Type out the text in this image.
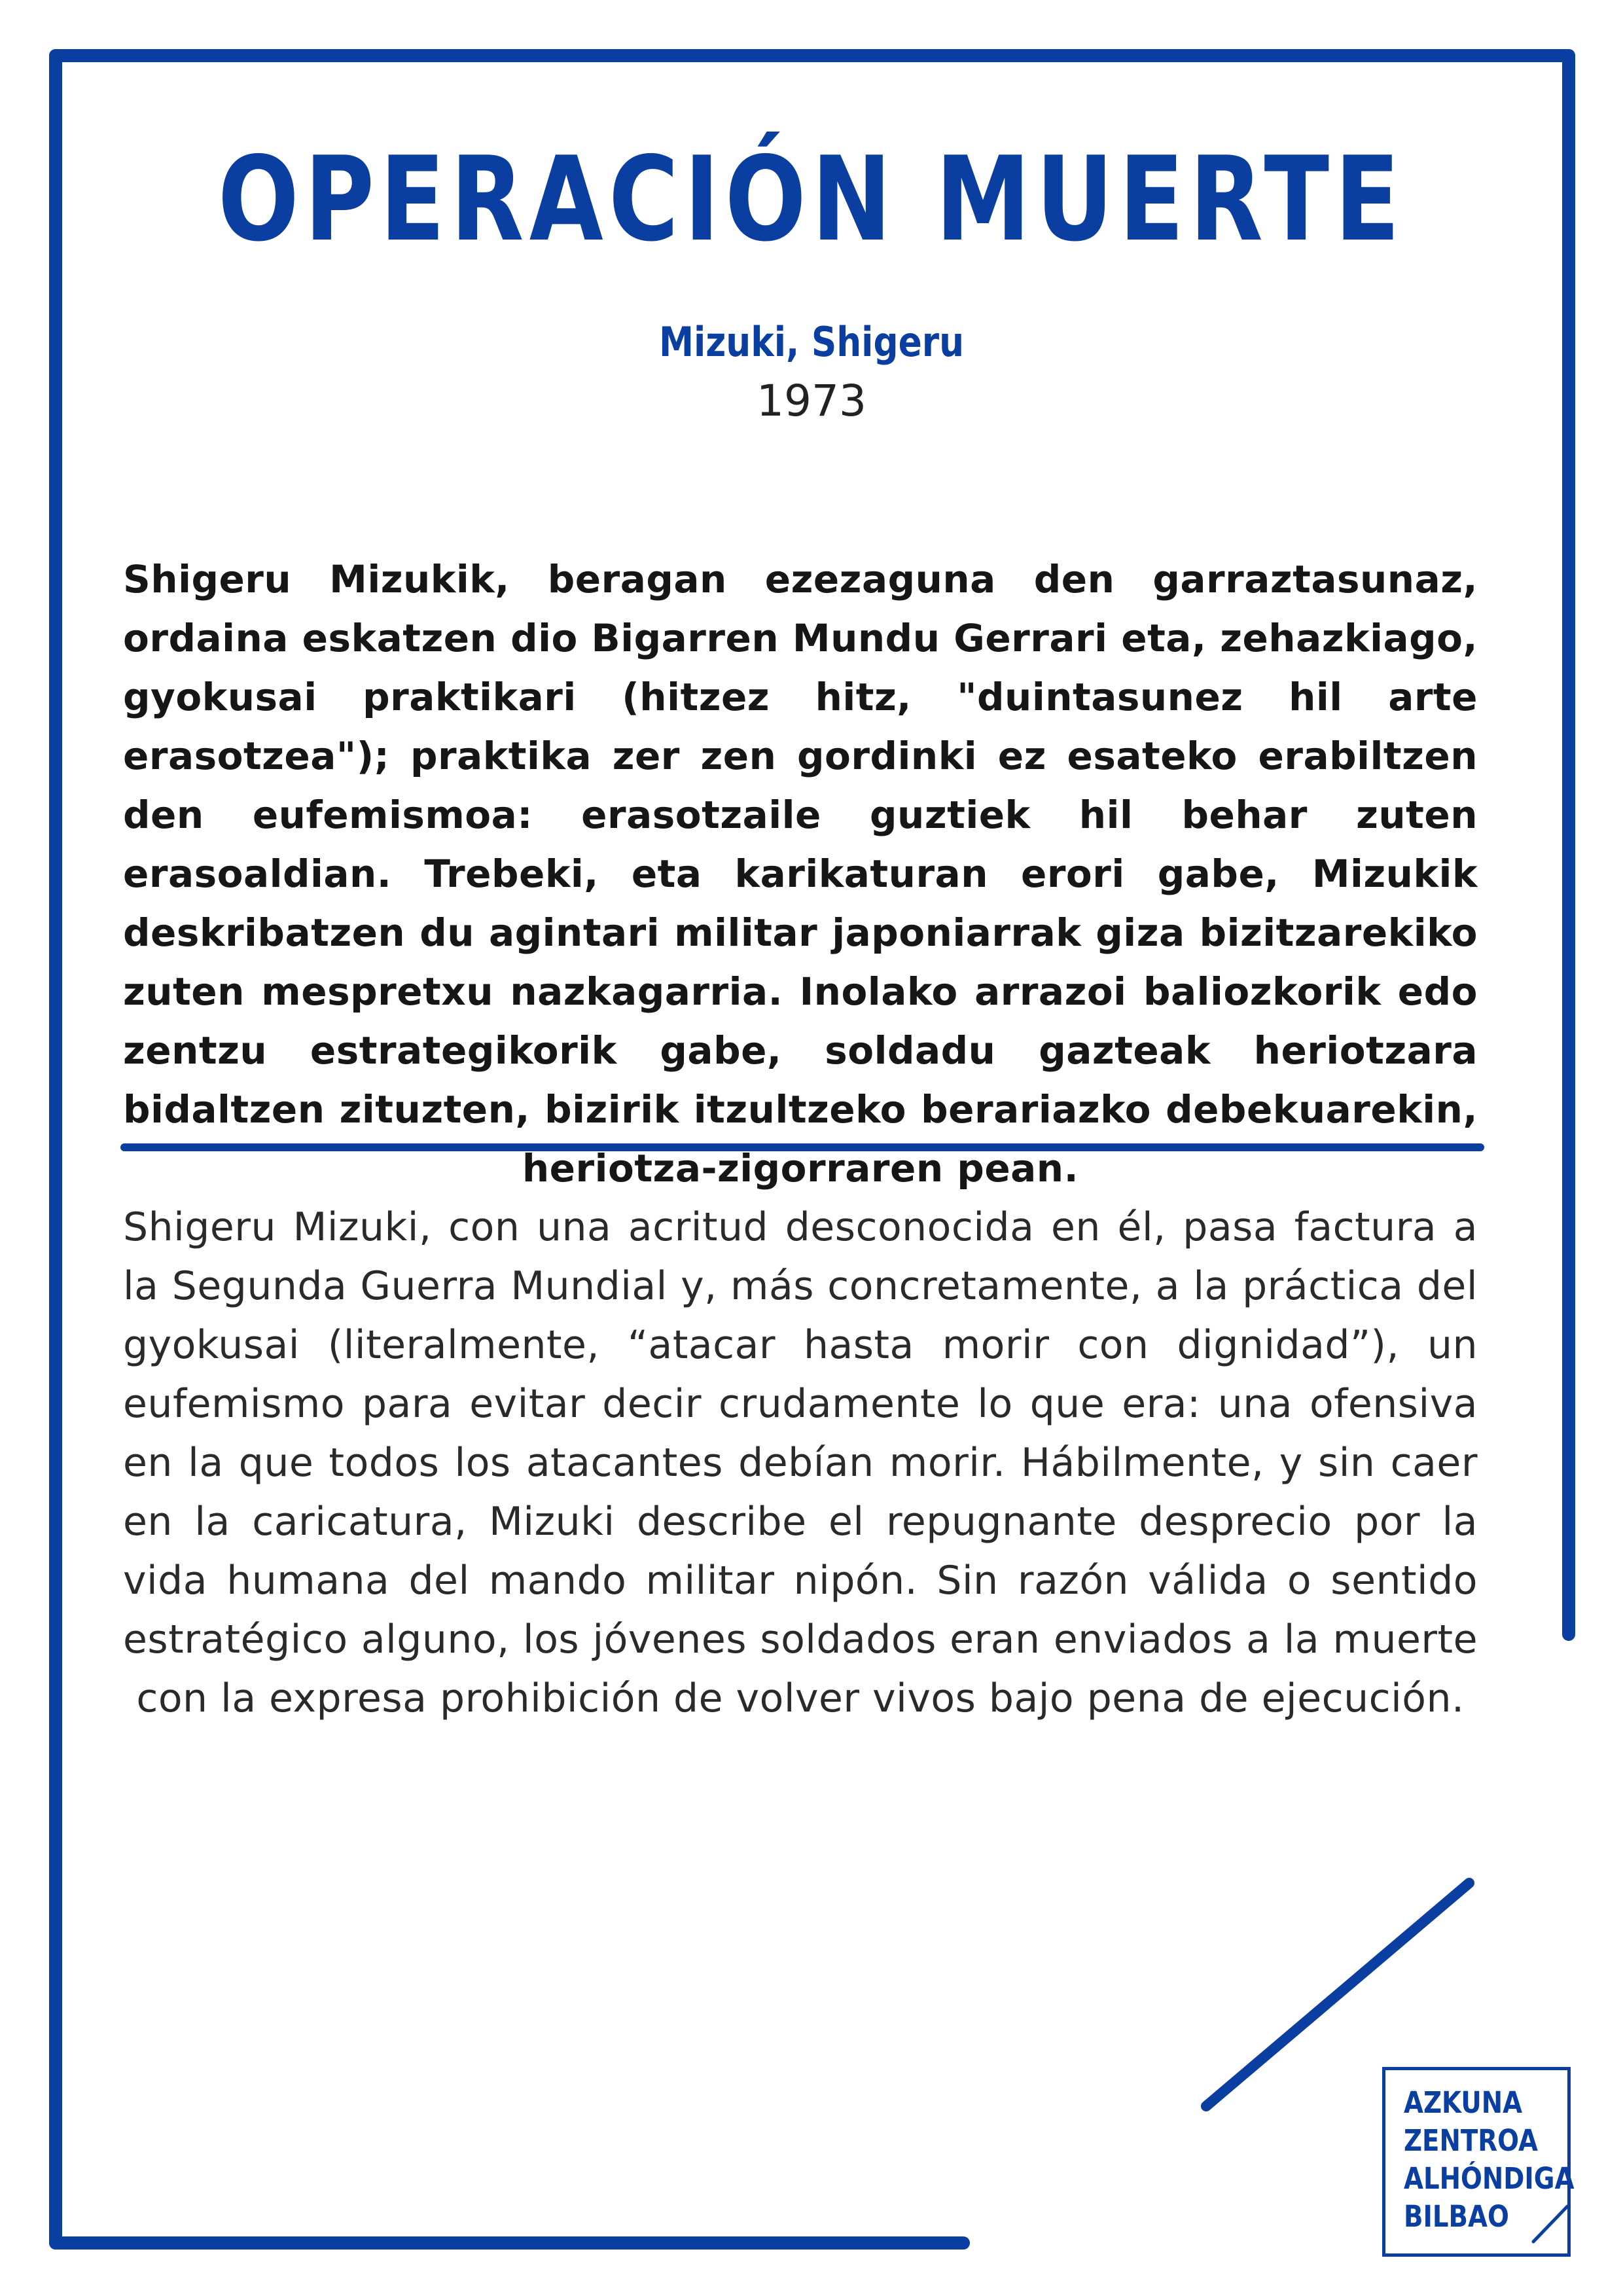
OPERACIÓN MUERTE
Mizuki, Shigeru
1973
Shigeru Mizukik, beragan ezezaguna den garraztasunaz, ordaina eskatzen dio Bigarren Mundu Gerrari eta, zehazkiago, gyokusai praktikari (hitzez hitz, "duintasunez hil arte erasotzea"); praktika zer zen gordinki ez esateko erabiltzen den eufemismoa: erasotzaile guztiek hil behar zuten erasoaldian. Trebeki, eta karikaturan erori gabe, Mizukik deskribatzen du agintari militar japoniarrak giza bizitzarekiko zuten mespretxu nazkagarria. Inolako arrazoi baliozkorik edo zentzu estrategikorik gabe, soldadu gazteak heriotzara bidaltzen zituzten, bizirik itzultzeko berariazko debekuarekin, heriotza-zigorraren pean.
Shigeru Mizuki, con una acritud desconocida en él, pasa factura a la Segunda Guerra Mundial y, más concretamente, a la práctica del gyokusai (literalmente, “atacar hasta morir con dignidad”), un eufemismo para evitar decir crudamente lo que era: una ofensiva en la que todos los atacantes debían morir. Hábilmente, y sin caer en la caricatura, Mizuki describe el repugnante desprecio por la vida humana del mando militar nipón. Sin razón válida o sentido estratégico alguno, los jóvenes soldados eran enviados a la muerte con la expresa prohibición de volver vivos bajo pena de ejecución.
AZKUNA
ZENTROA
ALHÓNDIGA
BILBAO
